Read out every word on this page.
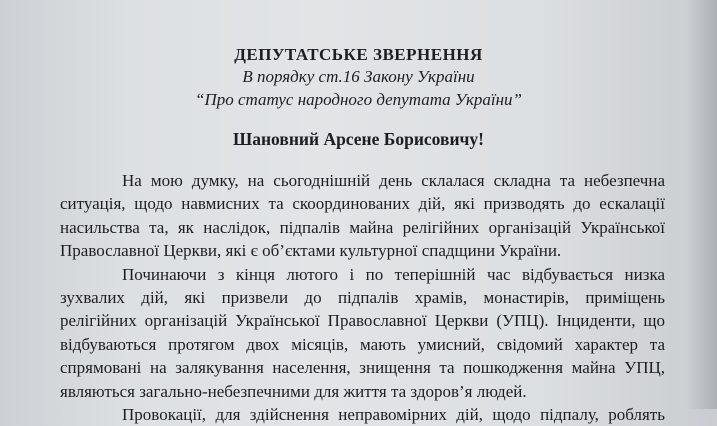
ДЕПУТАТСЬКЕ ЗВЕРНЕННЯ

В порядку ст.16 Закону України

“Про статус народного депутата України”

Шановний Арсене Борисовичу!

На мою думку, на сьогоднішній день склалася складна та небезпечна
ситуація, щодо навмисних та скоординованих дій, які призводять до ескалації
насильства та, як наслідок, підпалів майна релігійних організацій Української
Православної Церкви, які є об’єктами культурної спадщини України.
Починаючи з кінця лютого і по теперішній час відбувається низка
зухвалих дій, які призвели до підпалів храмів, монастирів, приміщень
релігійних організацій Української Православної Церкви (УПЦ). Інциденти, що
відбуваються протягом двох місяців, мають умисний, свідомий характер та
спрямовані на залякування населення, знищення та пошкодження майна УПЦ,
являються загально-небезпечними для життя та здоров’я людей.
Провокації, для здійснення неправомірних дій, щодо підпалу, роблять
